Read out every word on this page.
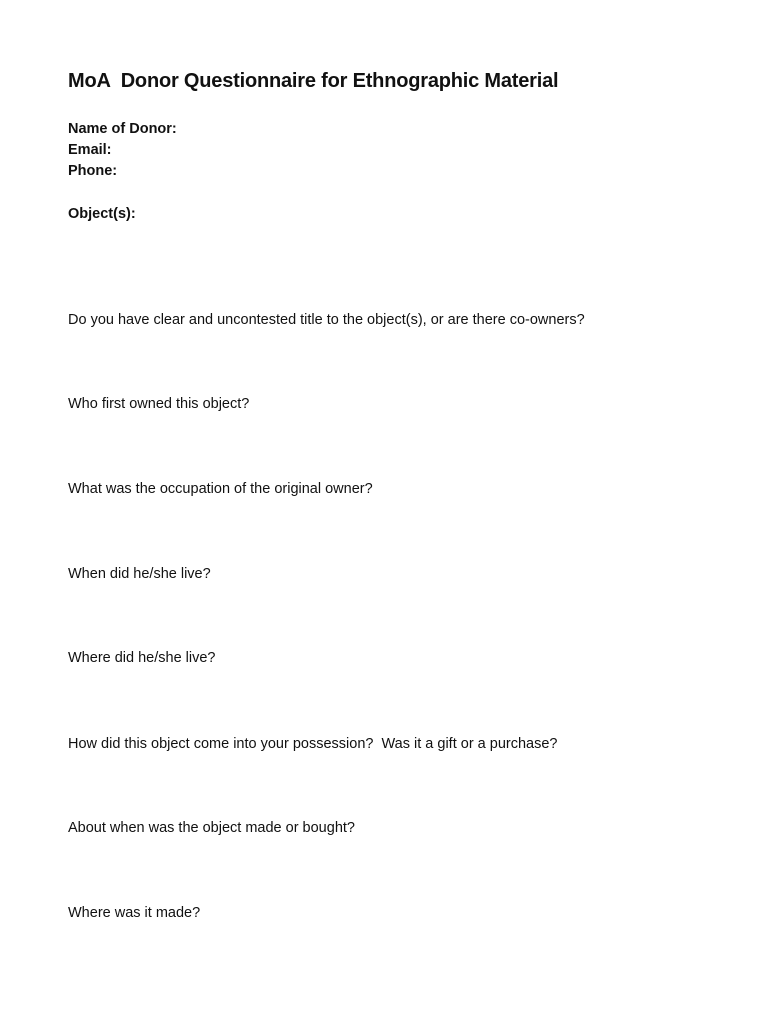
MoA  Donor Questionnaire for Ethnographic Material

Name of Donor:

Email:

Phone:

Object(s):

Do you have clear and uncontested title to the object(s), or are there co-owners?

Who first owned this object?

What was the occupation of the original owner?

When did he/she live?

Where did he/she live?

How did this object come into your possession?  Was it a gift or a purchase?

About when was the object made or bought?

Where was it made?
